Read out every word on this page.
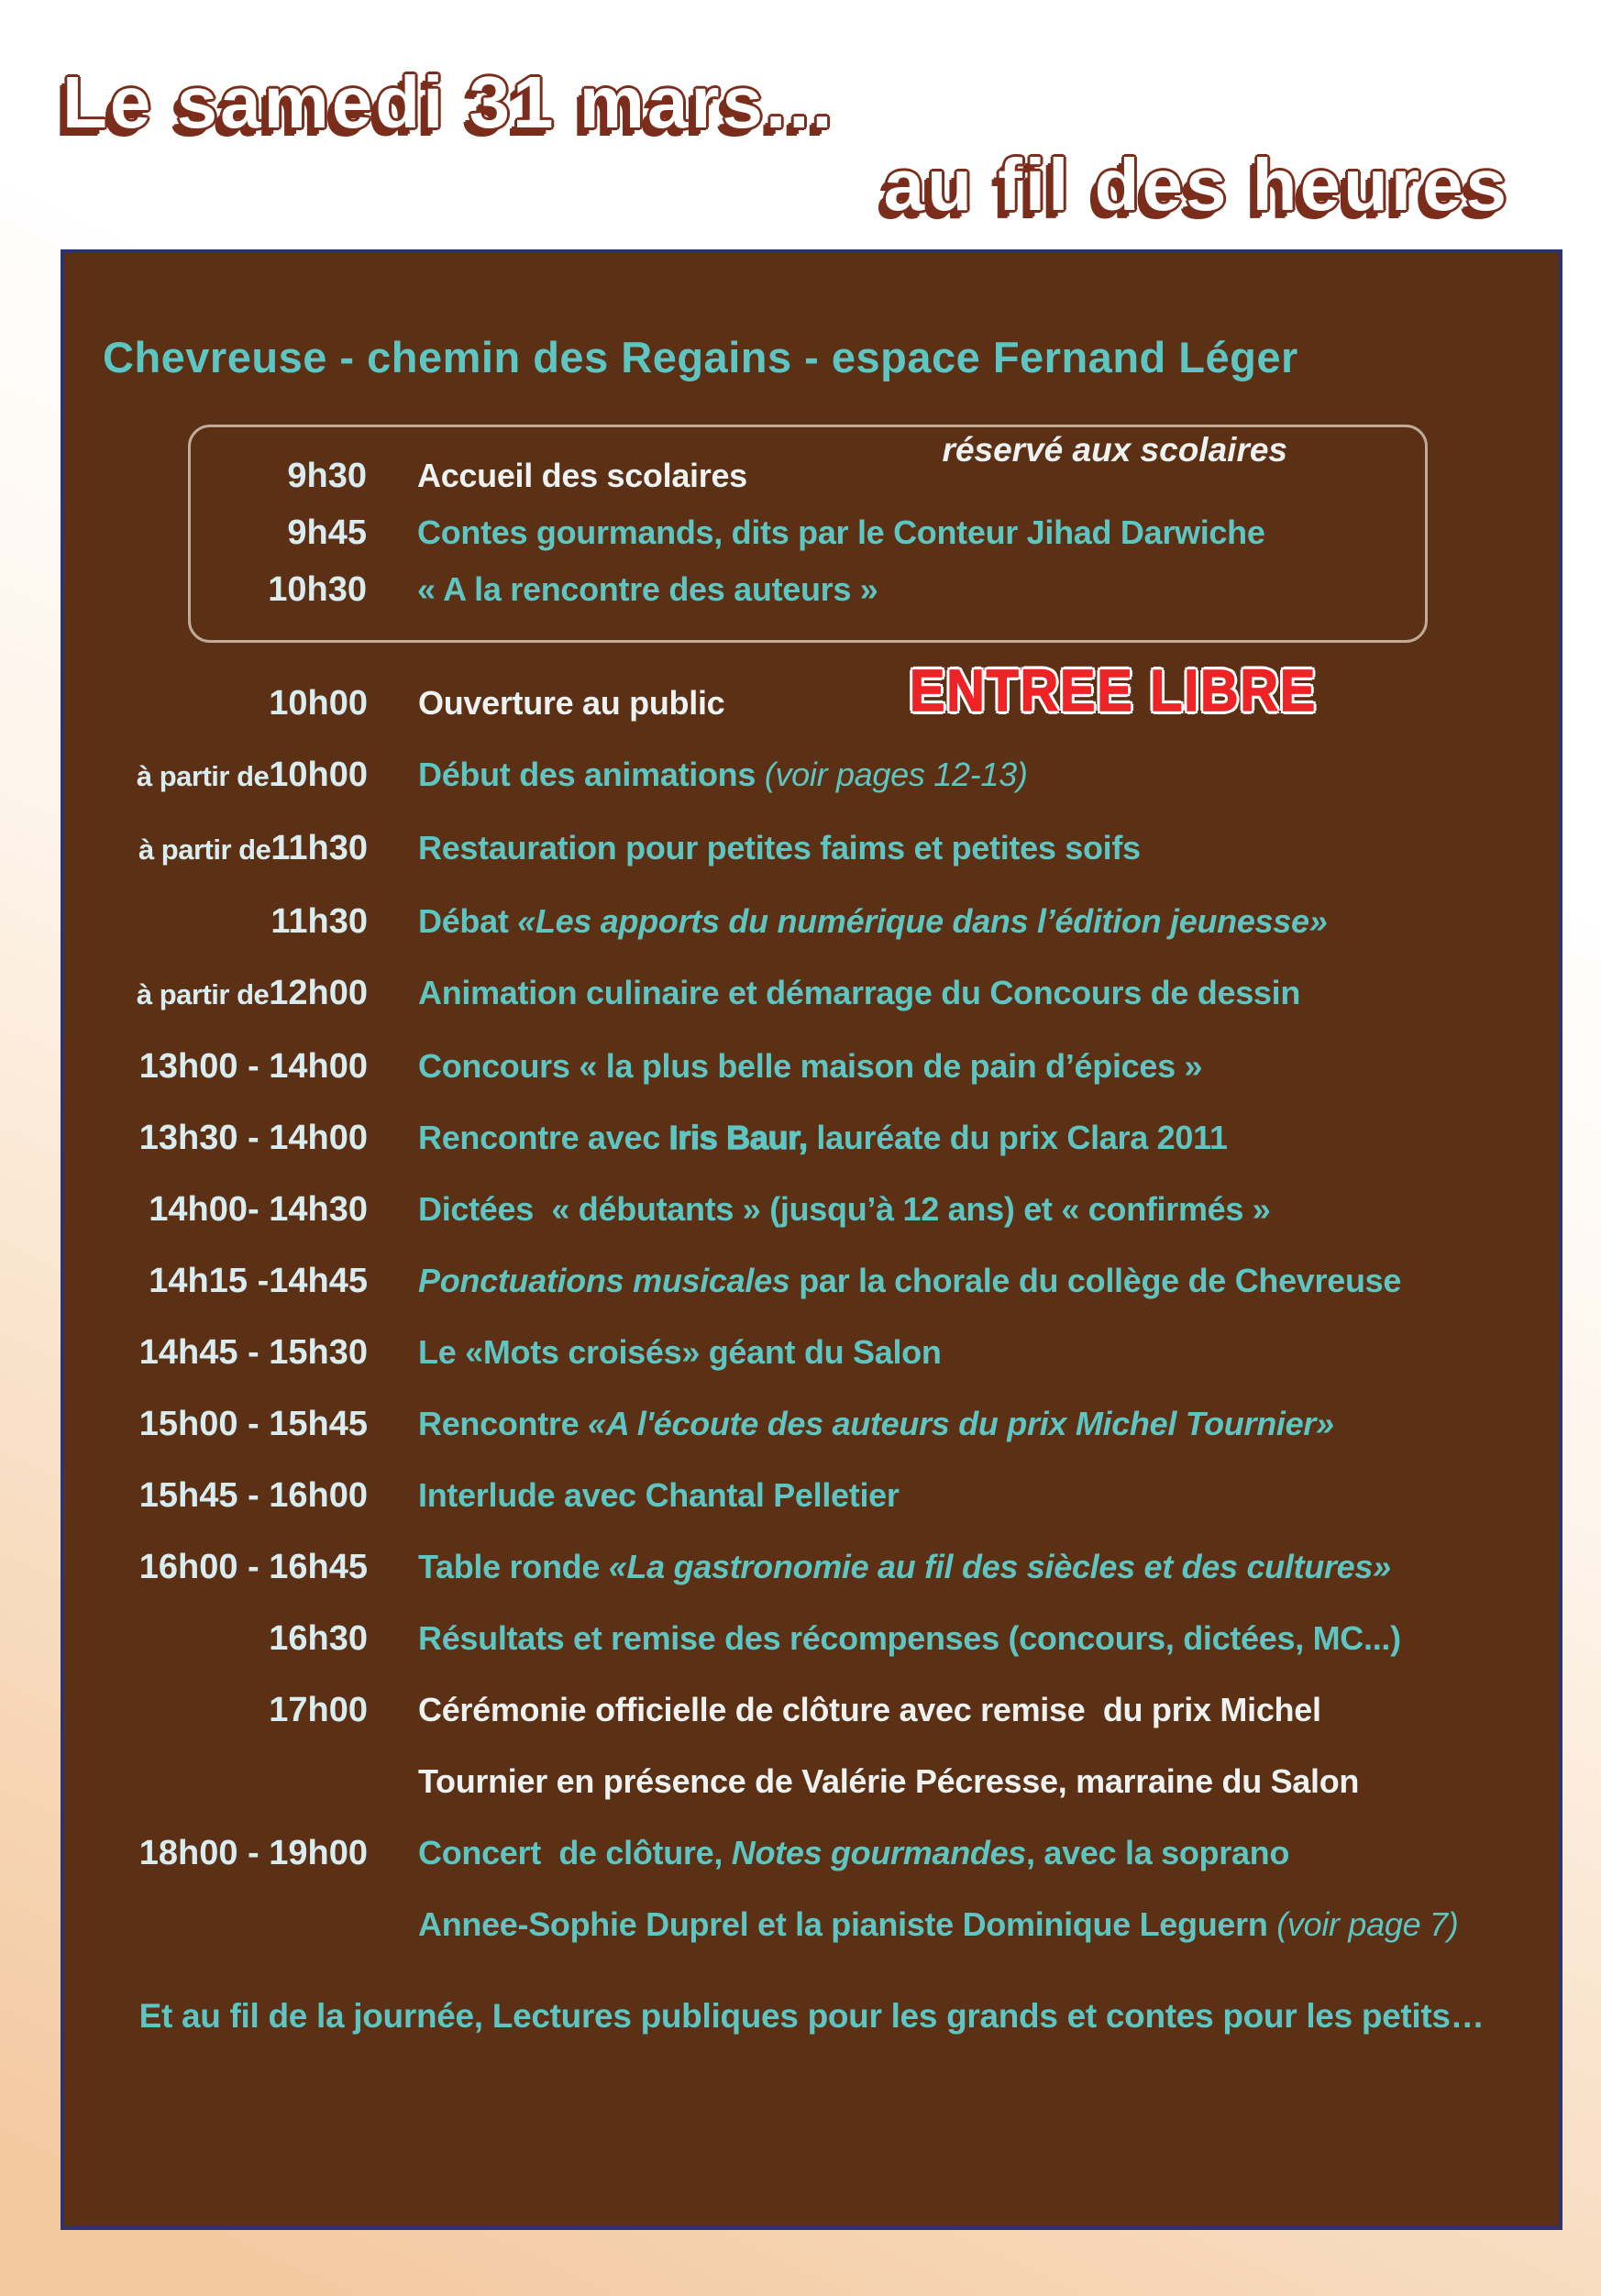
Le samedi 31 mars...
au fil des heures
Chevreuse - chemin des Regains - espace Fernand Léger
réservé aux scolaires
9h30 Accueil des scolaires
9h45 Contes gourmands, dits par le Conteur Jihad Darwiche
10h30 « A la rencontre des auteurs »
ENTREE LIBRE
10h00 Ouverture au public
à partir de10h00 Début des animations (voir pages 12-13)
à partir de11h30 Restauration pour petites faims et petites soifs
11h30 Débat «Les apports du numérique dans l’édition jeunesse»
à partir de12h00 Animation culinaire et démarrage du Concours de dessin
13h00 - 14h00 Concours « la plus belle maison de pain d’épices »
13h30 - 14h00 Rencontre avec Iris Baur, lauréate du prix Clara 2011
14h00- 14h30 Dictées  « débutants » (jusqu’à 12 ans) et « confirmés »
14h15 -14h45 Ponctuations musicales par la chorale du collège de Chevreuse
14h45 - 15h30 Le «Mots croisés» géant du Salon
15h00 - 15h45 Rencontre «A l'écoute des auteurs du prix Michel Tournier»
15h45 - 16h00 Interlude avec Chantal Pelletier
16h00 - 16h45 Table ronde «La gastronomie au fil des siècles et des cultures»
16h30 Résultats et remise des récompenses (concours, dictées, MC...)
17h00 Cérémonie officielle de clôture avec remise  du prix Michel
Tournier en présence de Valérie Pécresse, marraine du Salon
18h00 - 19h00 Concert  de clôture, Notes gourmandes, avec la soprano
Annee-Sophie Duprel et la pianiste Dominique Leguern (voir page 7)
Et au fil de la journée, Lectures publiques pour les grands et contes pour les petits…
